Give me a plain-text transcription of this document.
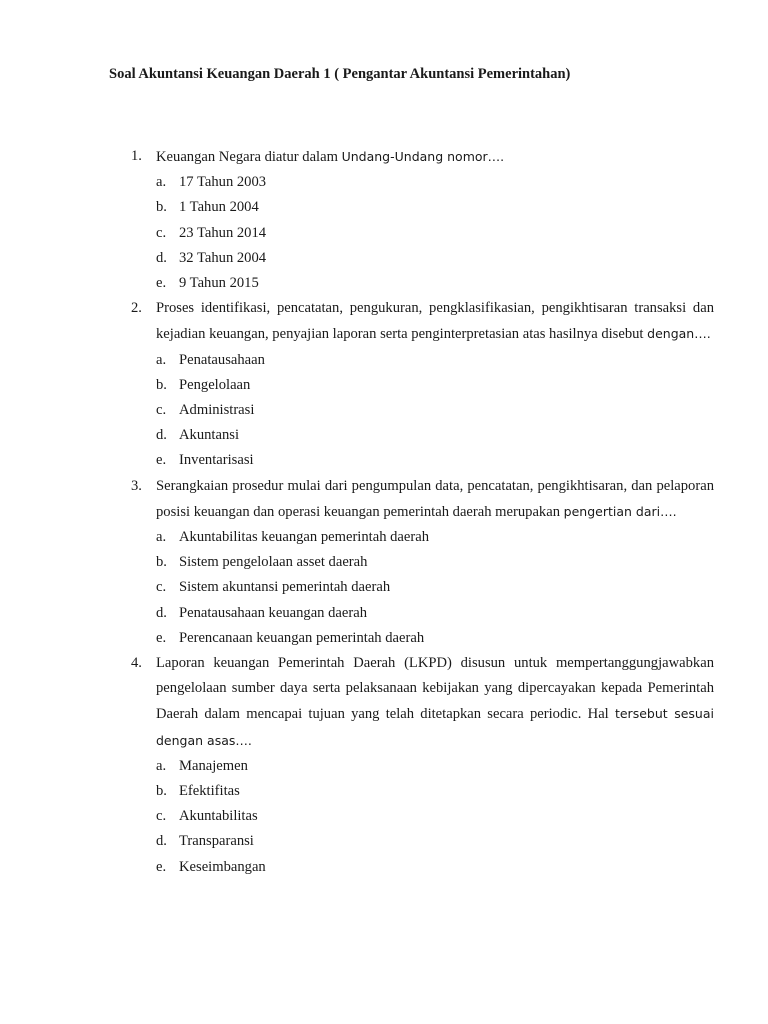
Soal Akuntansi Keuangan Daerah 1 ( Pengantar Akuntansi Pemerintahan)
1. Keuangan Negara diatur dalam Undang-Undang nomor….
a. 17 Tahun 2003
b. 1 Tahun 2004
c. 23 Tahun 2014
d. 32 Tahun 2004
e. 9 Tahun 2015
2. Proses identifikasi, pencatatan, pengukuran, pengklasifikasian, pengikhtisaran transaksi dan kejadian keuangan, penyajian laporan serta penginterpretasian atas hasilnya disebut dengan….
a. Penatausahaan
b. Pengelolaan
c. Administrasi
d. Akuntansi
e. Inventarisasi
3. Serangkaian prosedur mulai dari pengumpulan data, pencatatan, pengikhtisaran, dan pelaporan posisi keuangan dan operasi keuangan pemerintah daerah merupakan pengertian dari….
a. Akuntabilitas keuangan pemerintah daerah
b. Sistem pengelolaan asset daerah
c. Sistem akuntansi pemerintah daerah
d. Penatausahaan keuangan daerah
e. Perencanaan keuangan pemerintah daerah
4. Laporan keuangan Pemerintah Daerah (LKPD) disusun untuk mempertanggungjawabkan pengelolaan sumber daya serta pelaksanaan kebijakan yang dipercayakan kepada Pemerintah Daerah dalam mencapai tujuan yang telah ditetapkan secara periodic. Hal tersebut sesuai dengan asas….
a. Manajemen
b. Efektifitas
c. Akuntabilitas
d. Transparansi
e. Keseimbangan
